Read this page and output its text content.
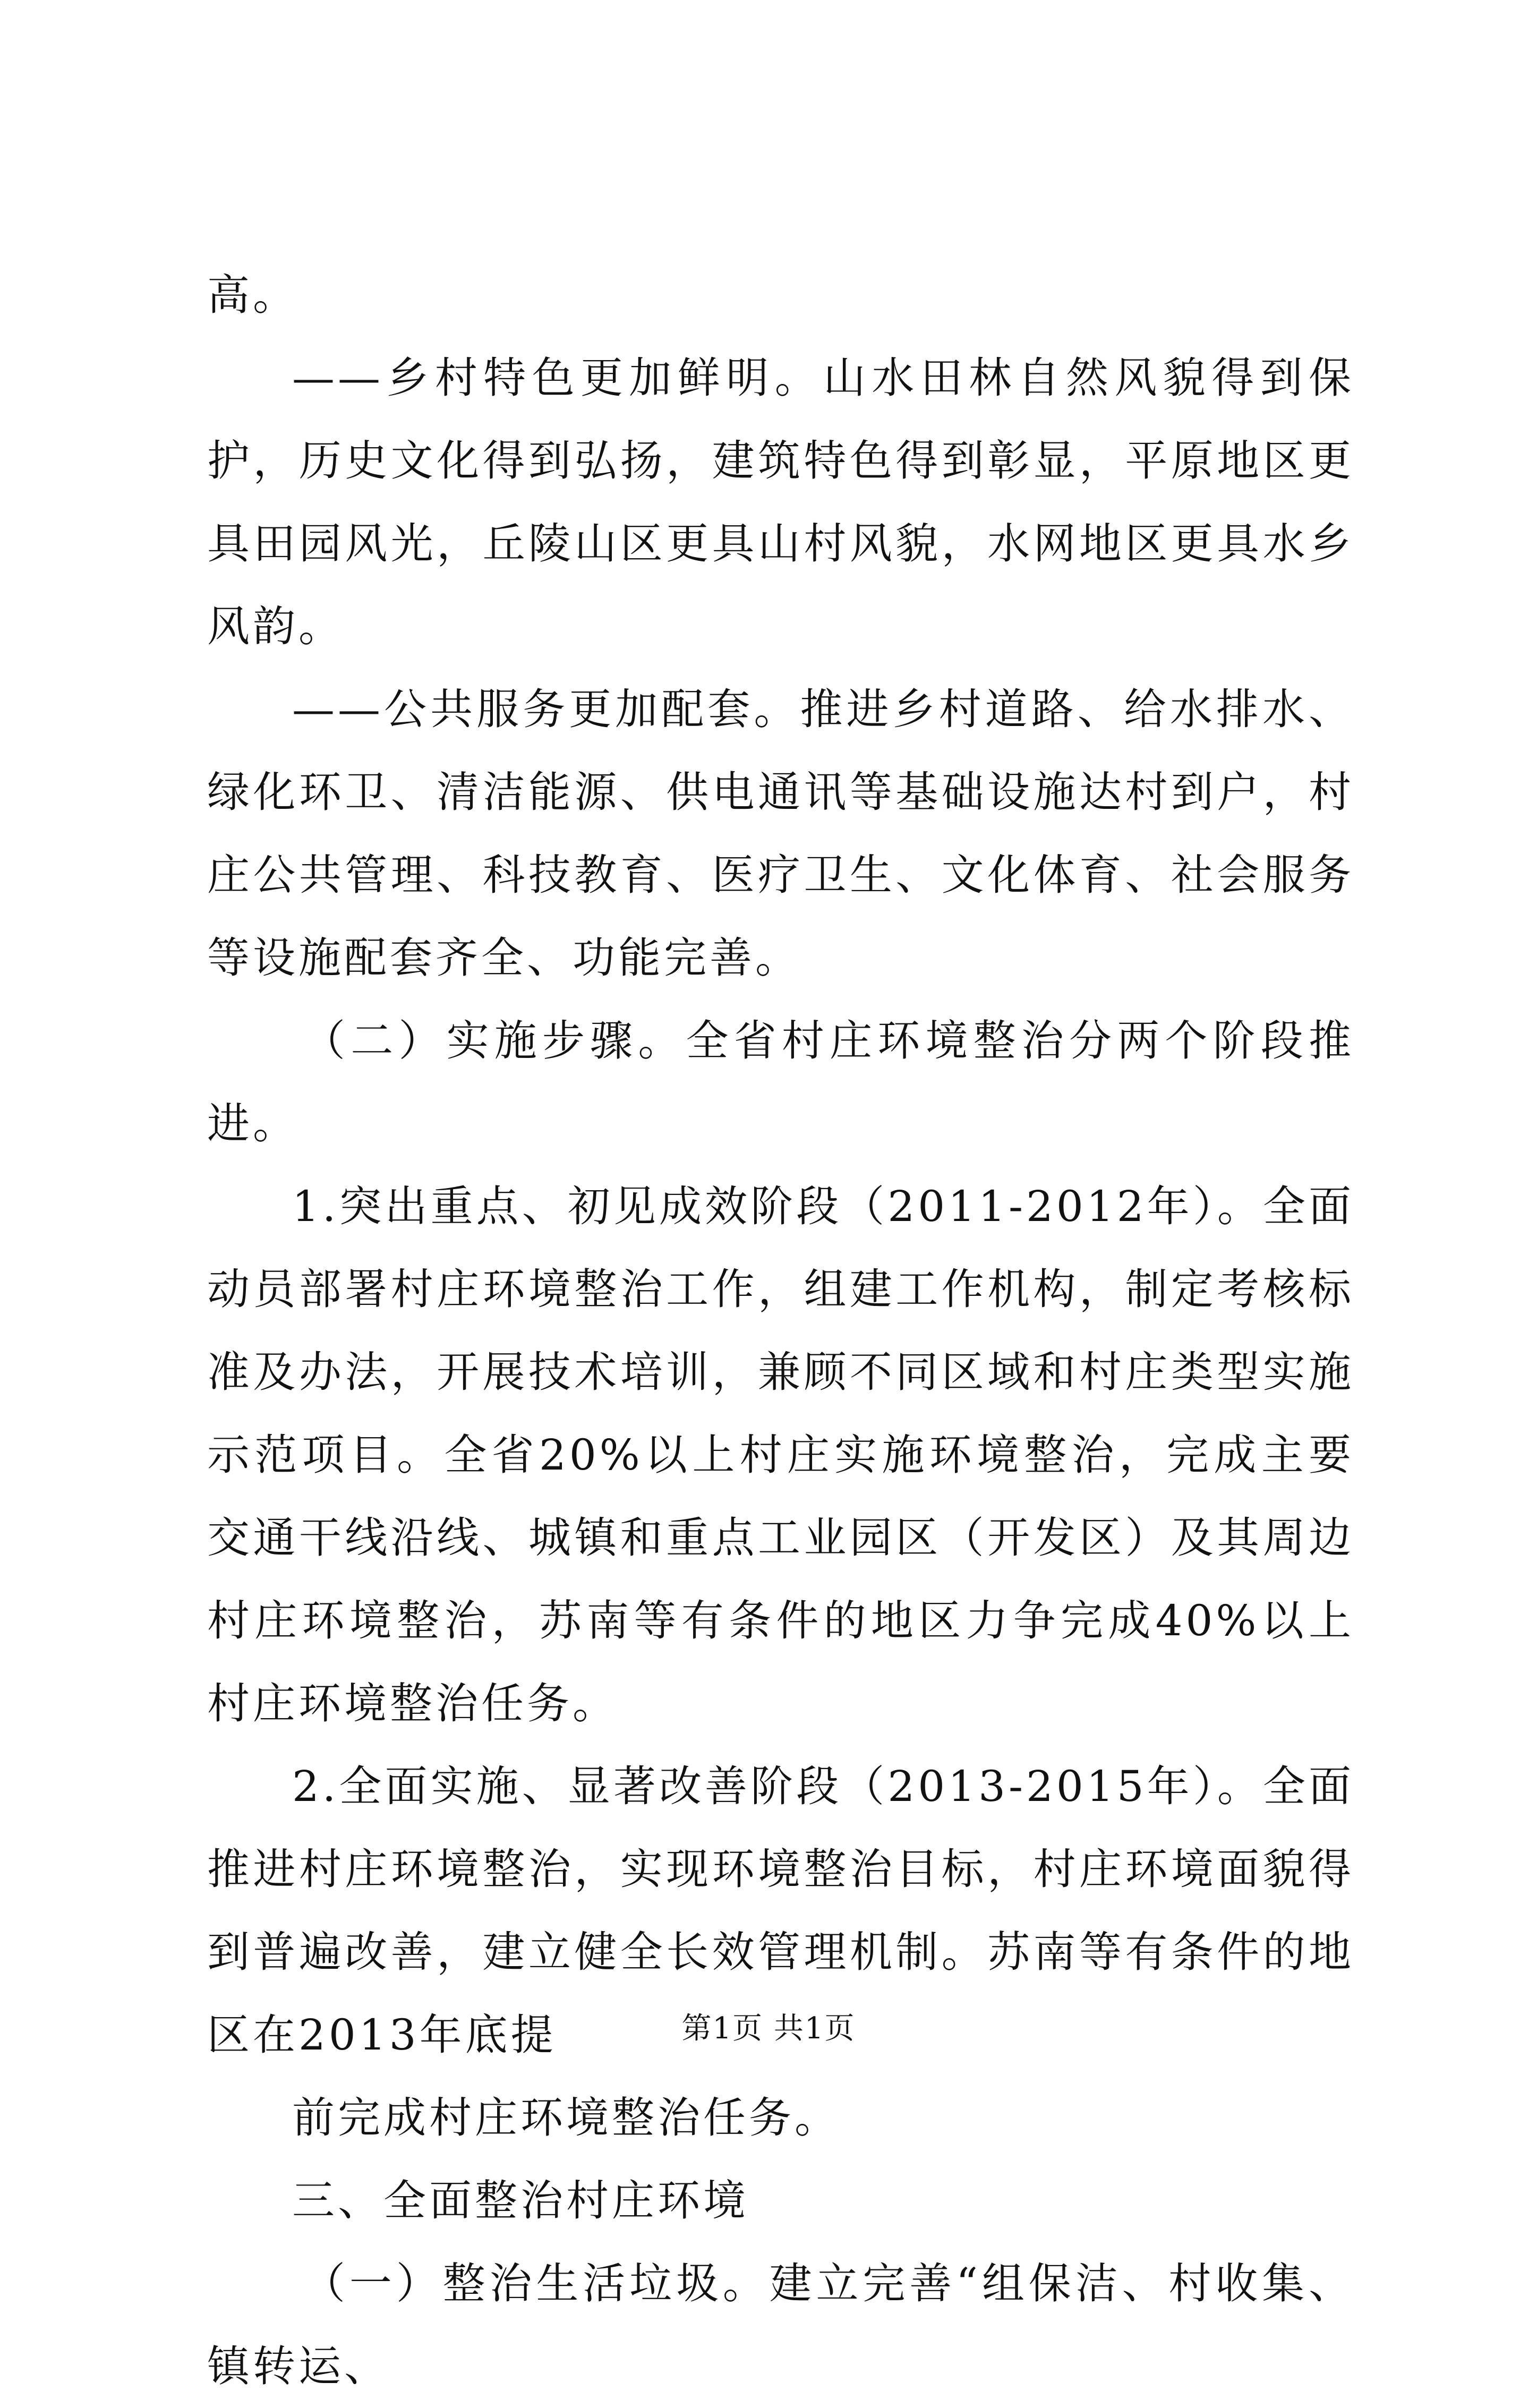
高。

——乡村特色更加鲜明。山水田林自然风貌得到保护，历史文化得到弘扬，建筑特色得到彰显，平原地区更具田园风光，丘陵山区更具山村风貌，水网地区更具水乡风韵。

——公共服务更加配套。推进乡村道路、给水排水、绿化环卫、清洁能源、供电通讯等基础设施达村到户，村庄公共管理、科技教育、医疗卫生、文化体育、社会服务等设施配套齐全、功能完善。

（二）实施步骤。全省村庄环境整治分两个阶段推进。

1.突出重点、初见成效阶段（2011-2012年）。全面动员部署村庄环境整治工作，组建工作机构，制定考核标准及办法，开展技术培训，兼顾不同区域和村庄类型实施示范项目。全省20%以上村庄实施环境整治，完成主要交通干线沿线、城镇和重点工业园区（开发区）及其周边村庄环境整治，苏南等有条件的地区力争完成40%以上村庄环境整治任务。

2.全面实施、显著改善阶段（2013-2015年）。全面推进村庄环境整治，实现环境整治目标，村庄环境面貌得到普遍改善，建立健全长效管理机制。苏南等有条件的地区在2013年底提

前完成村庄环境整治任务。

三、全面整治村庄环境

（一）整治生活垃圾。建立完善“组保洁、村收集、镇转运、

第1页 共1页
